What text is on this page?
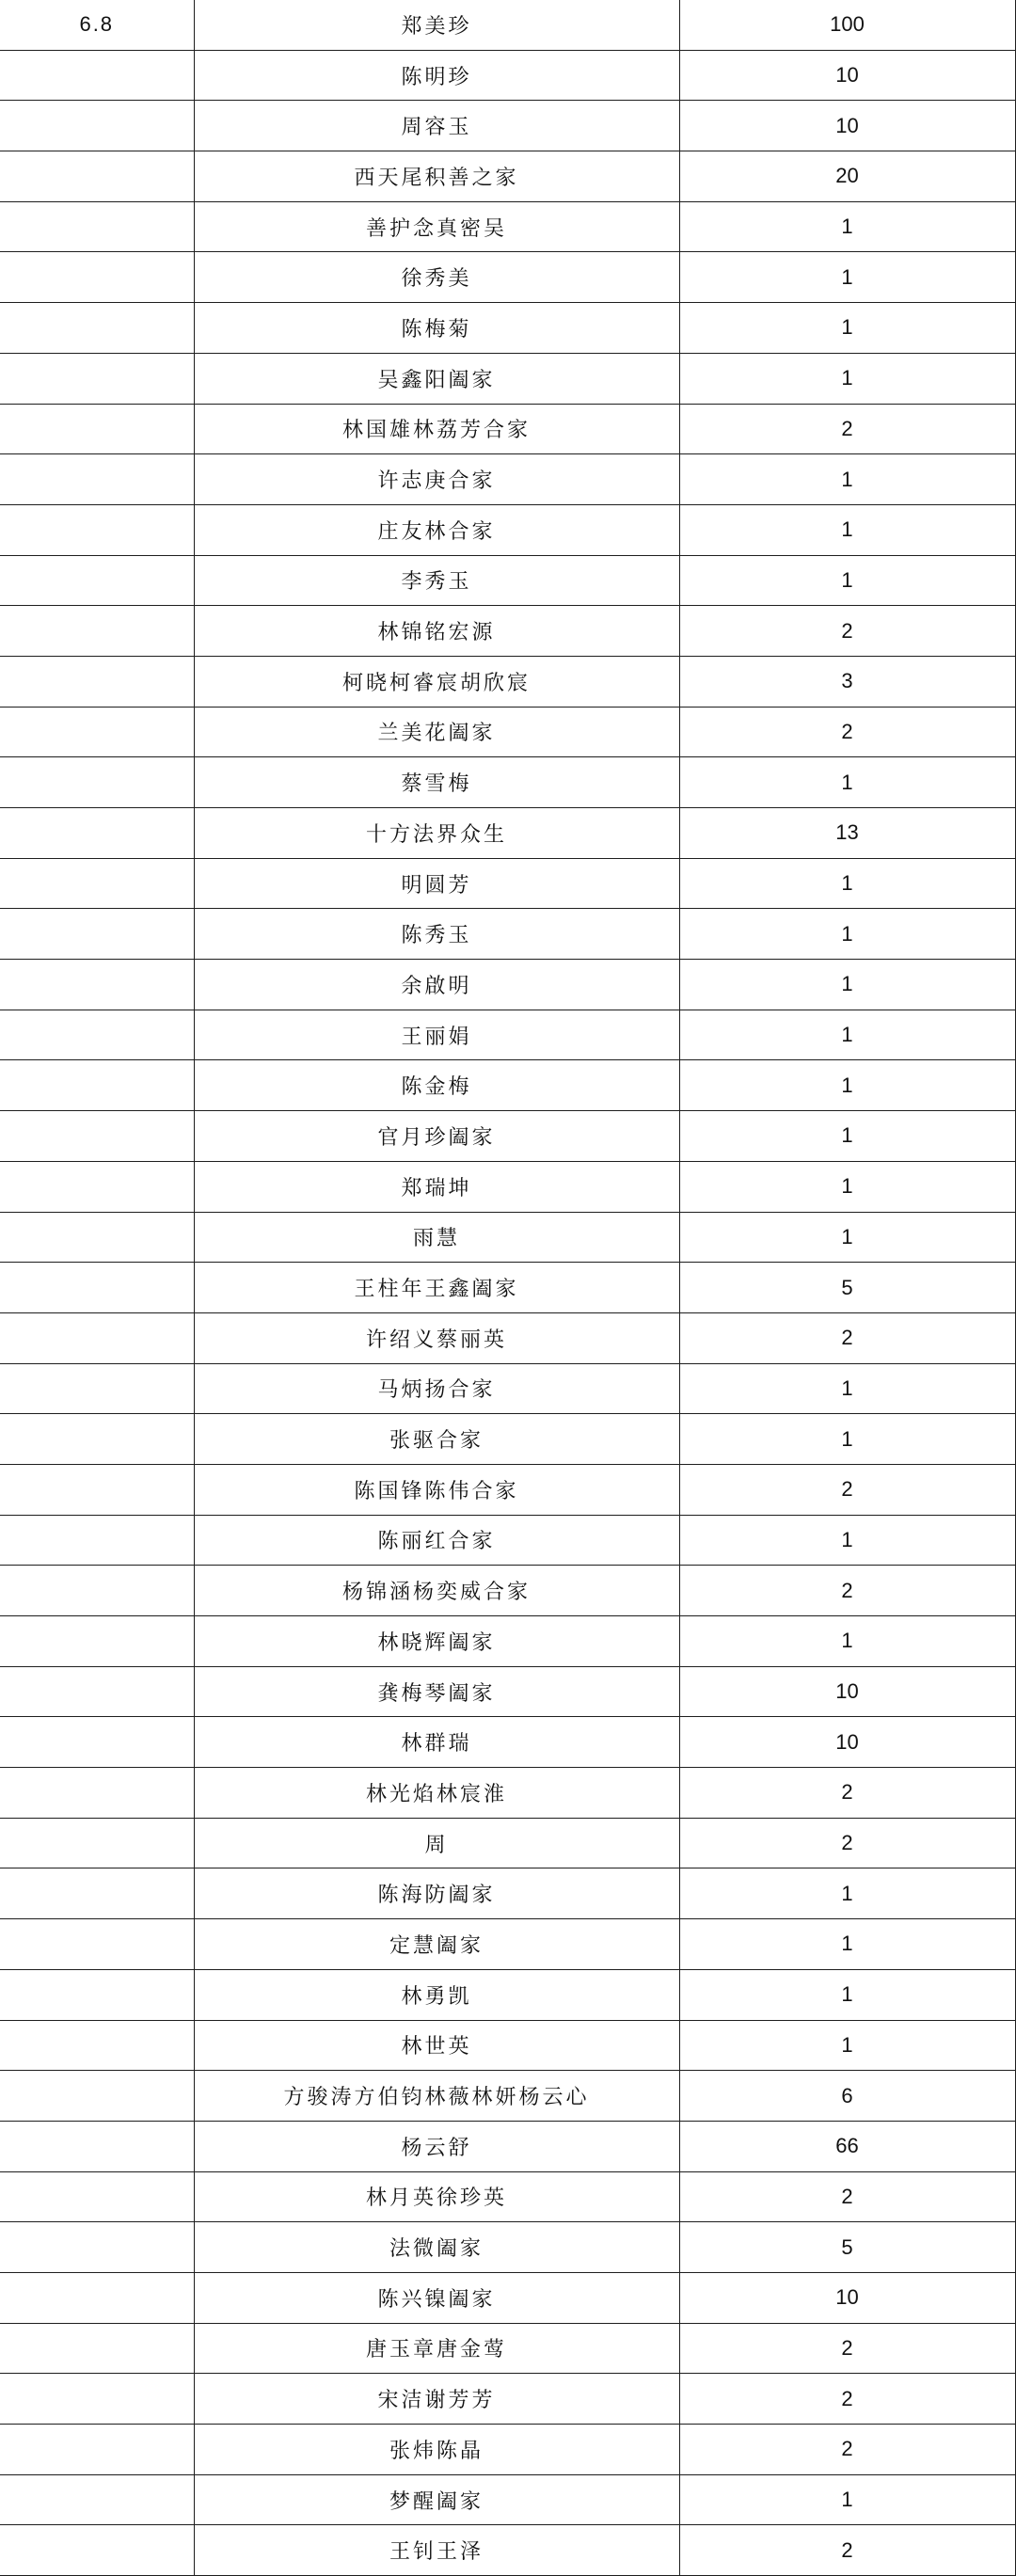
6.8	郑美珍	100
	陈明珍	10
	周容玉	10
	西天尾积善之家	20
	善护念真密吴	1
	徐秀美	1
	陈梅菊	1
	吴鑫阳阖家	1
	林国雄林荔芳合家	2
	许志庚合家	1
	庄友林合家	1
	李秀玉	1
	林锦铭宏源	2
	柯晓柯睿宸胡欣宸	3
	兰美花阖家	2
	蔡雪梅	1
	十方法界众生	13
	明圆芳	1
	陈秀玉	1
	余啟明	1
	王丽娟	1
	陈金梅	1
	官月珍阖家	1
	郑瑞坤	1
	雨慧	1
	王柱年王鑫阖家	5
	许绍义蔡丽英	2
	马炳扬合家	1
	张驱合家	1
	陈国锋陈伟合家	2
	陈丽红合家	1
	杨锦涵杨奕威合家	2
	林晓辉阖家	1
	龚梅琴阖家	10
	林群瑞	10
	林光焰林宸淮	2
	周	2
	陈海防阖家	1
	定慧阖家	1
	林勇凯	1
	林世英	1
	方骏涛方伯钧林薇林妍杨云心	6
	杨云舒	66
	林月英徐珍英	2
	法微阖家	5
	陈兴镍阖家	10
	唐玉章唐金莺	2
	宋洁谢芳芳	2
	张炜陈晶	2
	梦醒阖家	1
	王钊王泽	2
